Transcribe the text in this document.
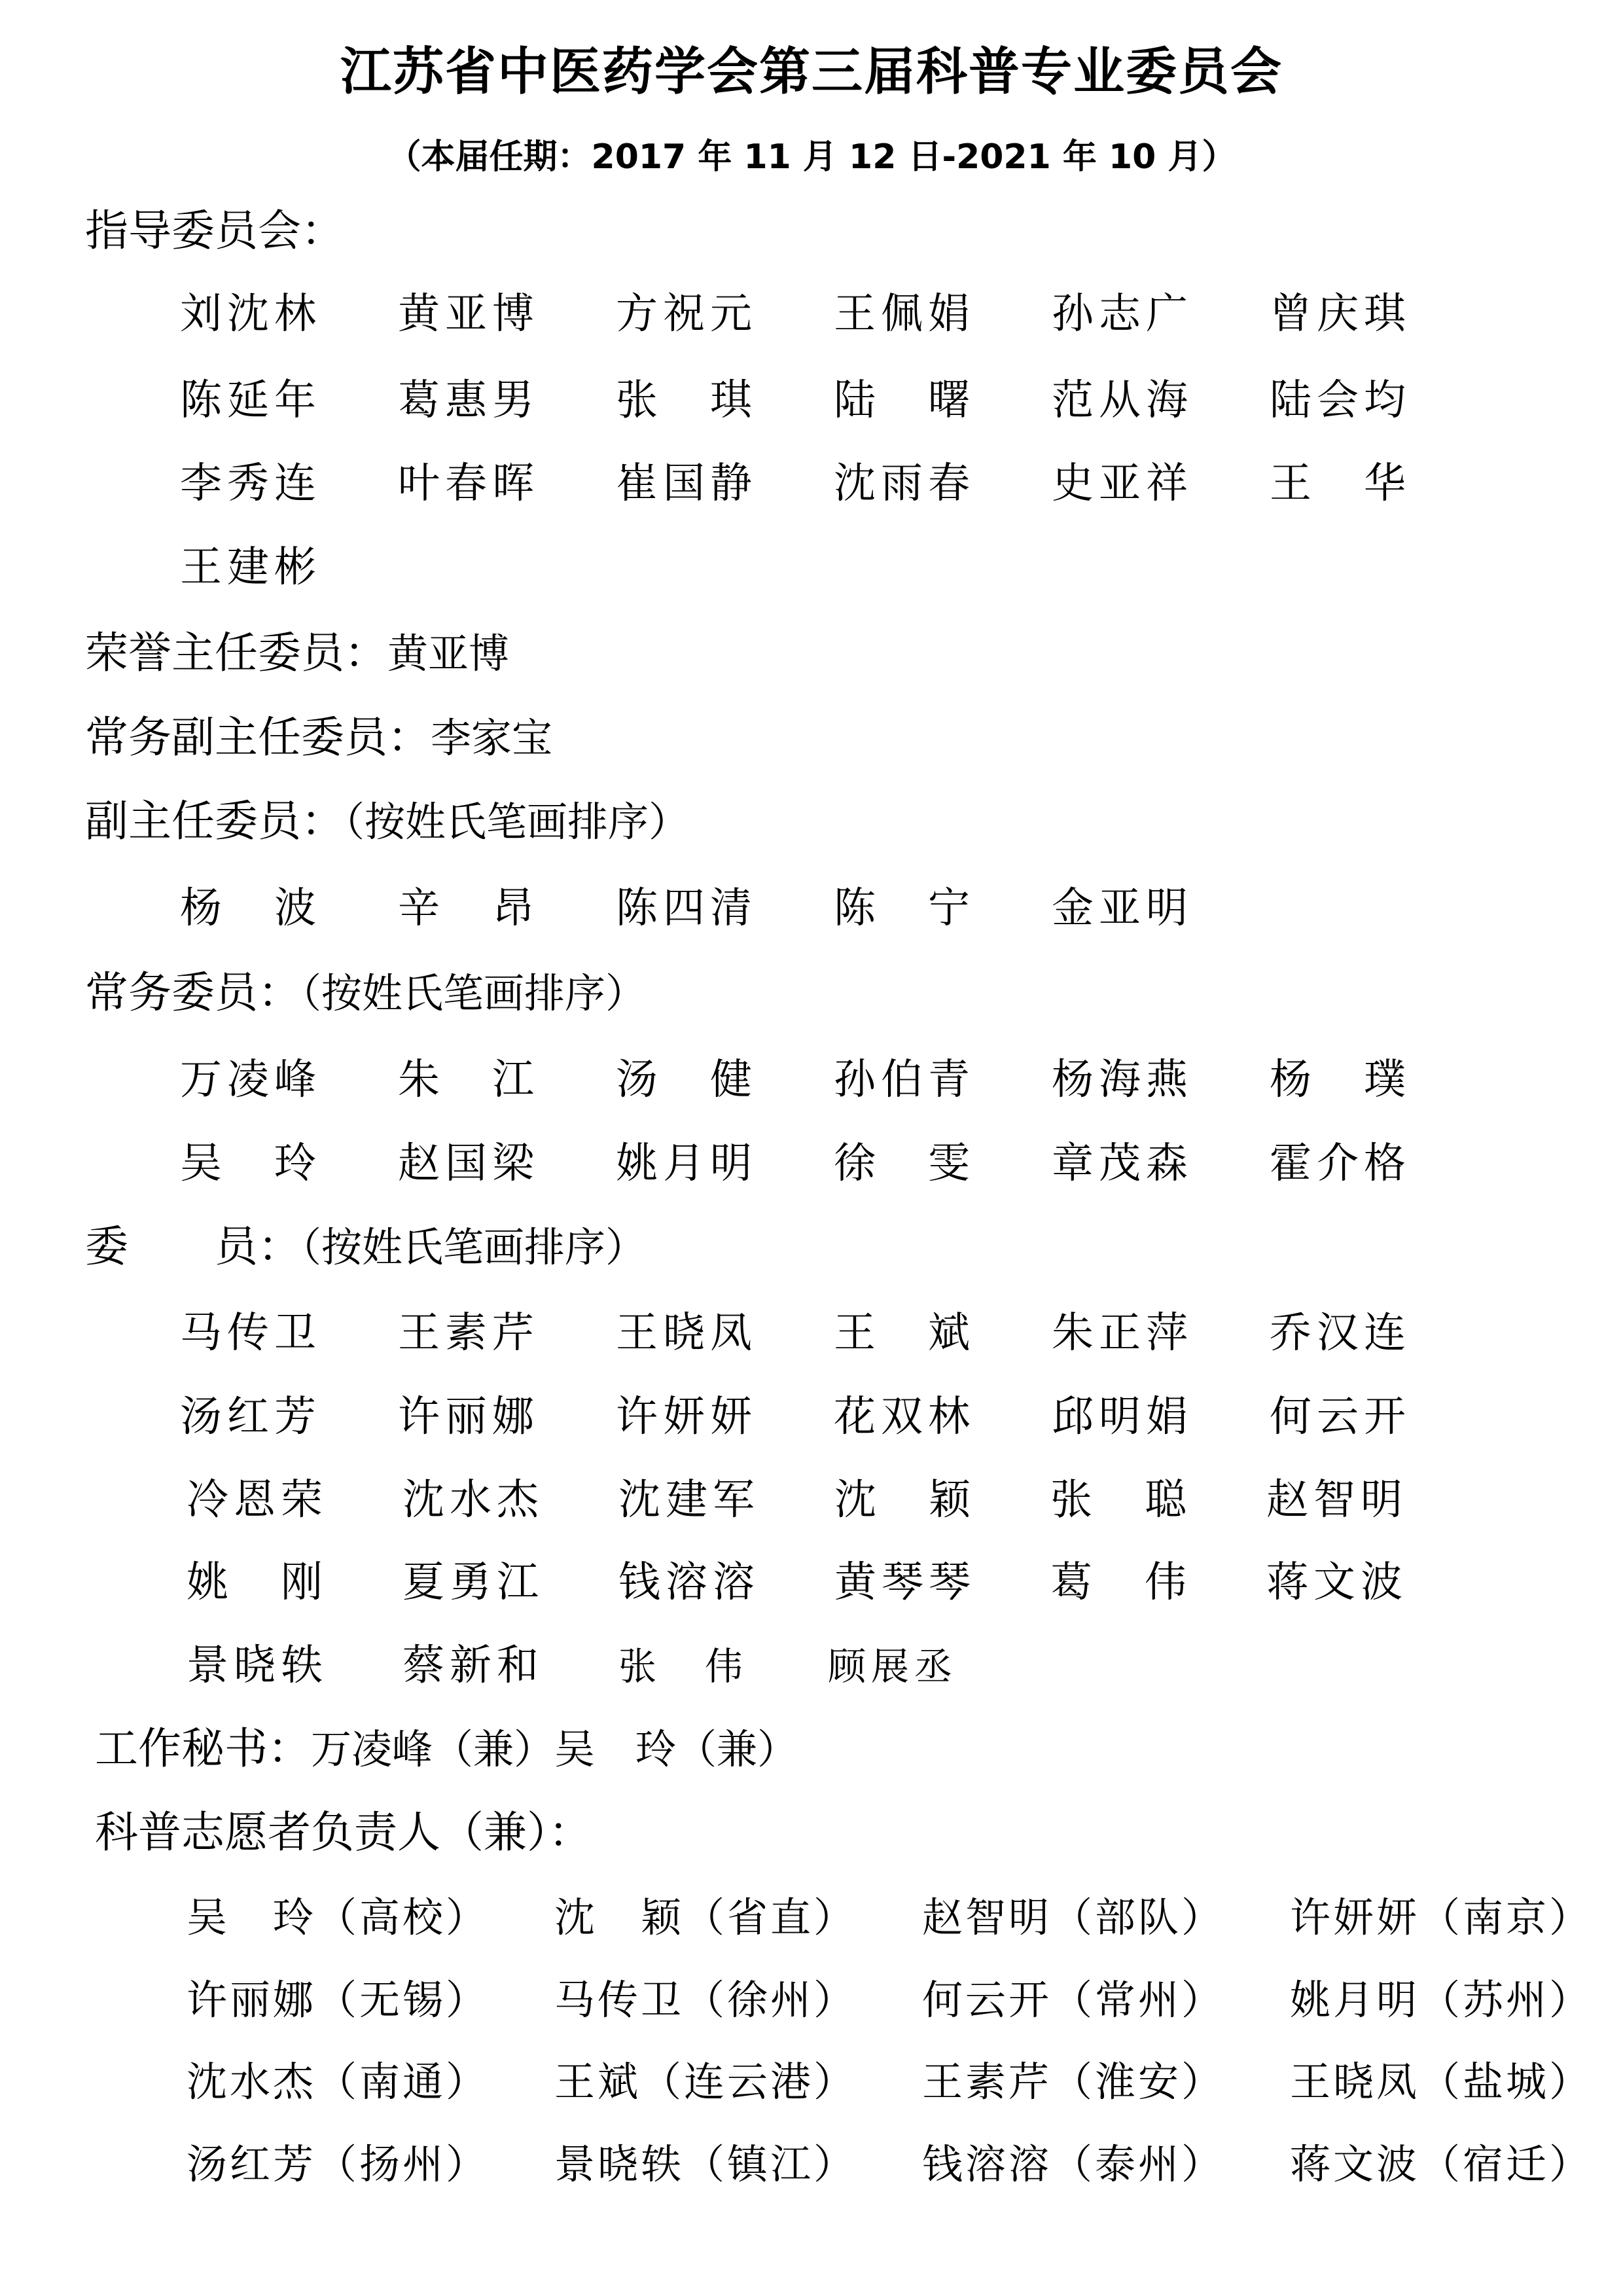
江苏省中医药学会第三届科普专业委员会
（本届任期：2017 年 11 月 12 日-2021 年 10 月）
指导委员会：
刘沈林 黄亚博 方祝元 王佩娟 孙志广 曾庆琪
陈延年 葛惠男 张　琪 陆　曙 范从海 陆会均
李秀连 叶春晖 崔国静 沈雨春 史亚祥 王　华
王建彬
荣誉主任委员：黄亚博
常务副主任委员：李家宝
副主任委员：（按姓氏笔画排序）
杨　波 辛　昂 陈四清 陈　宁 金亚明
常务委员：（按姓氏笔画排序）
万凌峰 朱　江 汤　健 孙伯青 杨海燕 杨　璞
吴　玲 赵国梁 姚月明 徐　雯 章茂森 霍介格
委　　员：（按姓氏笔画排序）
马传卫 王素芹 王晓凤 王　斌 朱正萍 乔汉连
汤红芳 许丽娜 许妍妍 花双林 邱明娟 何云开
冷恩荣 沈水杰 沈建军 沈　颖 张　聪 赵智明
姚　刚 夏勇江 钱溶溶 黄琴琴 葛　伟 蒋文波
景晓轶 蔡新和 张　伟 顾展丞
工作秘书：万凌峰（兼）吴　玲（兼）
科普志愿者负责人（兼）：
吴　玲（高校） 沈　颖（省直） 赵智明（部队） 许妍妍（南京）
许丽娜（无锡） 马传卫（徐州） 何云开（常州） 姚月明（苏州）
沈水杰（南通） 王斌（连云港） 王素芹（淮安） 王晓凤（盐城）
汤红芳（扬州） 景晓轶（镇江） 钱溶溶（泰州） 蒋文波（宿迁）
